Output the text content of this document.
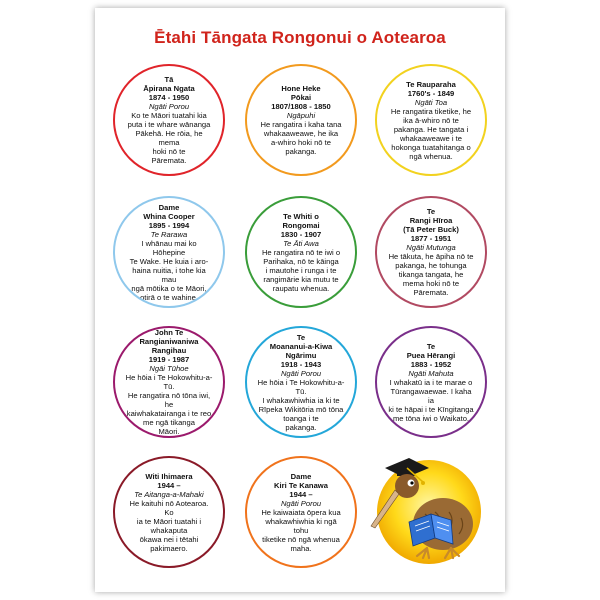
Ētahi Tāngata Rongonui o Aotearoa
Tā
Āpirana Ngata
1874 - 1950
Ngāti Porou
Ko te Māori tuatahi kia
puta i te whare wānanga
Pākehā. He rōia, he mema
hoki nō te
Pāremata.
Hone Heke
Pōkai
1807/1808 - 1850
Ngāpuhi
He rangatira i kaha tana
whakaaweawe, he ika
a-whiro hoki nō te
pakanga.
Te Rauparaha
1760's - 1849
Ngāti Toa
He rangatira tiketike, he
ika ā-whiro nō te
pakanga. He tangata i
whakaaweawe i te
hokonga tuatahitanga o
ngā whenua.
Dame
Whina Cooper
1895 - 1994
Te Rarawa
I whānau mai ko Hōhepine
Te Wake. He kuia i aro-
haina nuitia, i tohe kia mau
ngā mōtika o te Māori,
otirā o te wahine.
Te Whiti o
Rongomai
1830 - 1907
Te Āti Awa
He rangatira nō te iwi o
Parihaka, nō te kāinga
i mautohe i runga i te
rangimārie kia mutu te
raupatu whenua.
Te
Rangi Hīroa
(Tā Peter Buck)
1877 - 1951
Ngāti Mutunga
He tākuta, he āpiha nō te
pakanga, he tohunga
tikanga tangata, he
mema hoki nō te
Pāremata.
John Te
Rangianiwaniwa
Rangihau
1919 - 1987
Ngāi Tūhoe
He hōia i Te Hokowhitu-a-Tū.
He rangatira nō tōna iwi, he
kaiwhakatairanga i te reo
me ngā tikanga
Māori.
Te
Moananui-a-Kiwa
Ngārimu
1918 - 1943
Ngāti Porou
He hōia i Te Hokowhitu-a-Tū.
I whakawhiwhia ia ki te
Rīpeka Wikitōria mō tōna
toanga i te
pakanga.
Te
Puea Hērangi
1883 - 1952
Ngāti Mahuta
I whakatū ia i te marae o
Tūrangawaewae. I kaha ia
ki te hāpai i te Kīngitanga
me tōna iwi o Waikato.
Witi Ihimaera
1944 –
Te Aitanga-a-Mahaki
He kaituhi nō Aotearoa. Ko
ia te Māori tuatahi i whakaputa
ōkawa nei i tētahi
pakimaero.
Dame
Kiri Te Kanawa
1944 –
Ngāti Porou
He kaiwaiata ōpera kua
whakawhiwhia ki ngā tohu
tiketike nō ngā whenua
maha.
